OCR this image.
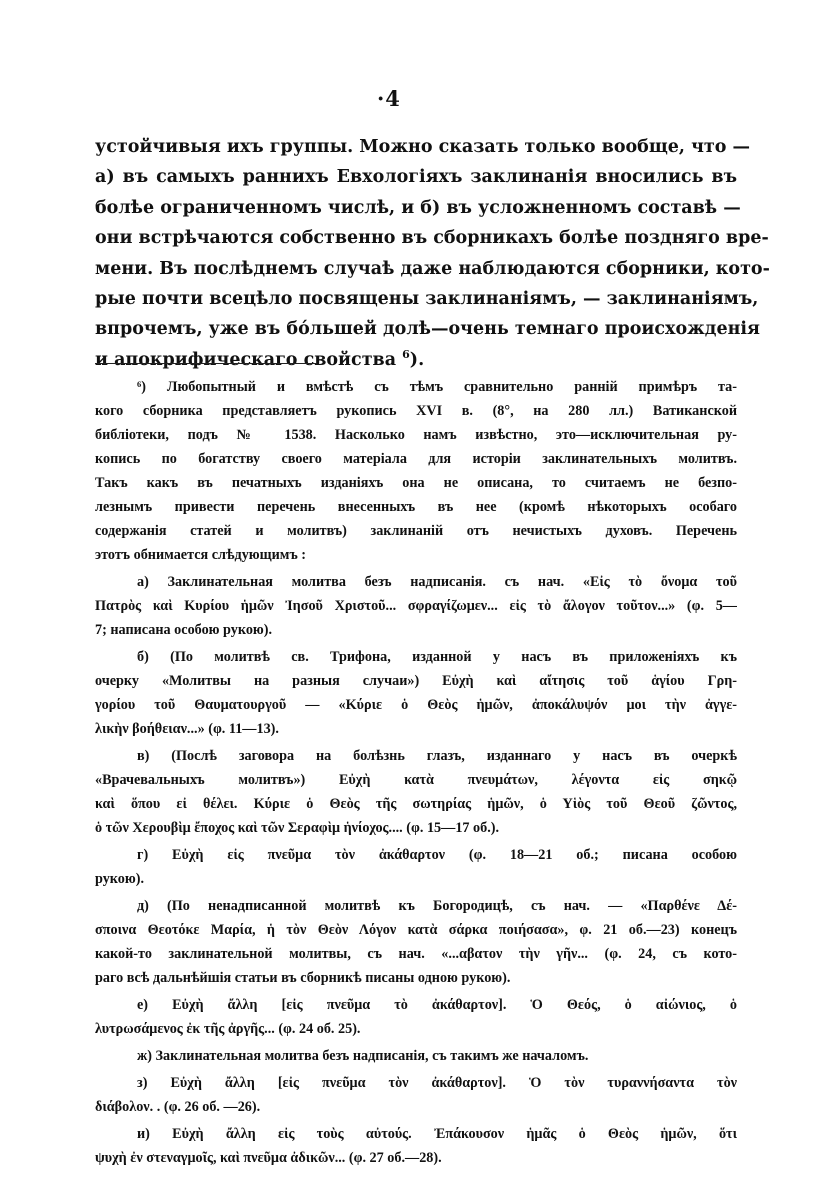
·4
устойчивыя ихъ группы. Можно сказать только вообще, что —
а) въ самыхъ раннихъ Евхологіяхъ заклинанія вносились въ
болѣе ограниченномъ числѣ, и б) въ усложненномъ составѣ —
они встрѣчаются собственно въ сборникахъ болѣе поздняго вре-
мени. Въ послѣднемъ случаѣ даже наблюдаются сборники, кото-
рые почти всецѣло посвящены заклинаніямъ, — заклинаніямъ,
впрочемъ, уже въ бо́льшей долѣ—очень темнаго происхожденія
и апокрифическаго свойства $^6$).
⁶) Любопытный и вмѣстѣ съ тѣмъ сравнительно ранній примѣръ та-
кого сборника представляетъ рукопись XVI в. (8°, на 280 лл.) Ватиканской
библіотеки, подъ № 1538. Насколько намъ извѣстно, это—исключительная ру-
копись по богатству своего матеріала для исторіи заклинательныхъ молитвъ.
Такъ какъ въ печатныхъ изданіяхъ она не описана, то считаемъ не безпо-
лезнымъ привести перечень внесенныхъ въ нее (кромѣ нѣкоторыхъ особаго
содержанія статей и молитвъ) заклинаній отъ нечистыхъ духовъ. Перечень
этотъ обнимается слѣдующимъ :
а) Заклинательная молитва безъ надписанія. съ нач. «Εἰς τὸ ὄνομα τοῦ
Πατρὸς καὶ Κυρίου ἡμῶν Ἰησοῦ Χριστοῦ... σφραγίζωμεν... εἰς τὸ ἄλογον τοῦτον...» (φ. 5—
7; написана особою рукою).
б) (По молитвѣ св. Трифона, изданной у насъ въ приложеніяхъ къ
очерку «Молитвы на разныя случаи») Εὐχὴ καὶ αἴτησις τοῦ ἁγίου Γρη-
γορίου τοῦ Θαυματουργοῦ — «Κύριε ὁ Θεὸς ἡμῶν, ἀποκάλυψόν μοι τὴν ἀγγε-
λικὴν βοήθειαν...» (φ. 11—13).
в) (Послѣ заговора на болѣзнь глазъ, изданнаго у насъ въ очеркѣ
«Врачевальныхъ молитвъ») Εὐχὴ κατὰ πνευμάτων, λέγοντα εἰς σηκῷ
καὶ ὅπου εἰ θέλει. Κύριε ὁ Θεὸς τῆς σωτηρίας ἡμῶν, ὁ Υἱὸς τοῦ Θεοῦ ζῶντος,
ὁ τῶν Χερουβὶμ ἔποχος καὶ τῶν Σεραφὶμ ἡνίοχος.... (φ. 15—17 об.).
г) Εὐχὴ εἰς πνεῦμα τὸν ἀκάθαρτον (φ. 18—21 об.; писана особою
рукою).
д) (По ненадписанной молитвѣ къ Богородицѣ, съ нач. — «Παρθένε Δέ-
σποινα Θεοτόκε Μαρία, ἡ τὸν Θεὸν Λόγον κατὰ σάρκα ποιήσασα», φ. 21 об.—23) конецъ
какой-то заклинательной молитвы, съ нач. «...αβατον τὴν γῆν... (φ. 24, съ кото-
раго всѣ дальнѣйшія статьи въ сборникѣ писаны одною рукою).
е) Εὐχὴ ἄλλη [εἰς πνεῦμα τὸ ἀκάθαρτον]. Ὁ Θεός, ὁ αἰώνιος, ὁ
λυτρωσάμενος ἐκ τῆς ἀργῆς... (φ. 24 об. 25).
ж) Заклинательная молитва безъ надписанія, съ такимъ же началомъ.
з) Εὐχὴ ἄλλη [εἰς πνεῦμα τὸν ἀκάθαρτον]. Ὁ τὸν τυραννήσαντα τὸν
διάβολον. . (φ. 26 об. —26).
и) Εὐχὴ ἄλλη εἰς τοὺς αὐτούς. Ἐπάκουσον ἡμᾶς ὁ Θεὸς ἡμῶν, ὅτι
ψυχὴ ἐν στεναγμοῖς, καὶ πνεῦμα ἀδικῶν... (φ. 27 об.—28).
